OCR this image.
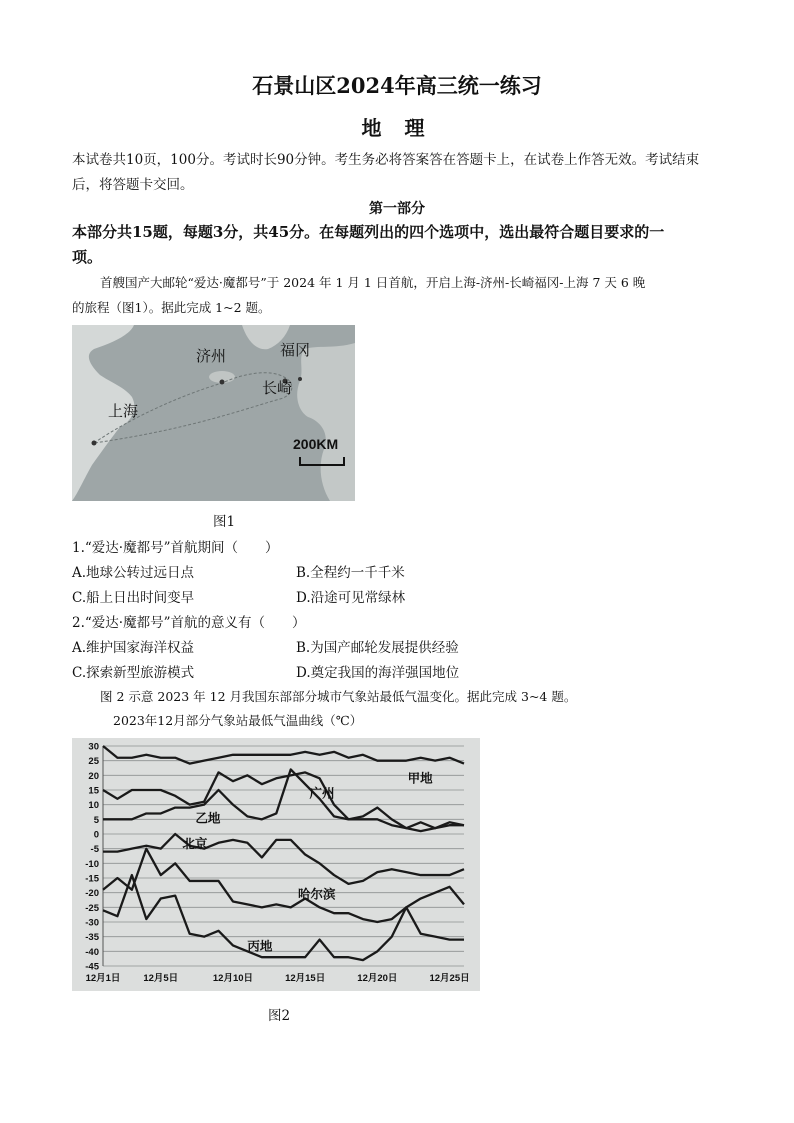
石景山区2024年高三统一练习
地 理
本试卷共10页，100分。考试时长90分钟。考生务必将答案答在答题卡上，在试卷上作答无效。考试结束
后，将答题卡交回。
第一部分
本部分共15题，每题3分，共45分。在每题列出的四个选项中，选出最符合题目要求的一
项。
首艘国产大邮轮“爱达·魔都号”于 2024 年 1 月 1 日首航，开启上海-济州-长崎福冈-上海 7 天 6 晚
的旅程（图1）。据此完成 1~2 题。
济州	福冈
长崎
上海
200KM
图1
1.“爱达·魔都号”首航期间（　　）
A.地球公转过远日点	B.全程约一千千米
C.船上日出时间变早	D.沿途可见常绿林
2.“爱达·魔都号”首航的意义有（　　）
A.维护国家海洋权益	B.为国产邮轮发展提供经验
C.探索新型旅游模式	D.奠定我国的海洋强国地位
图 2 示意 2023 年 12 月我国东部部分城市气象站最低气温变化。据此完成 3~4 题。
2023年12月部分气象站最低气温曲线（℃）
30
25
20
15
10
5
0
-5
-10
-15
-20
-25
-30
-35
-40
-45
12月1日 12月5日	12月10日	12月15日	12月20日	12月25日
甲地
广州
乙地
北京
哈尔滨
丙地
图2
